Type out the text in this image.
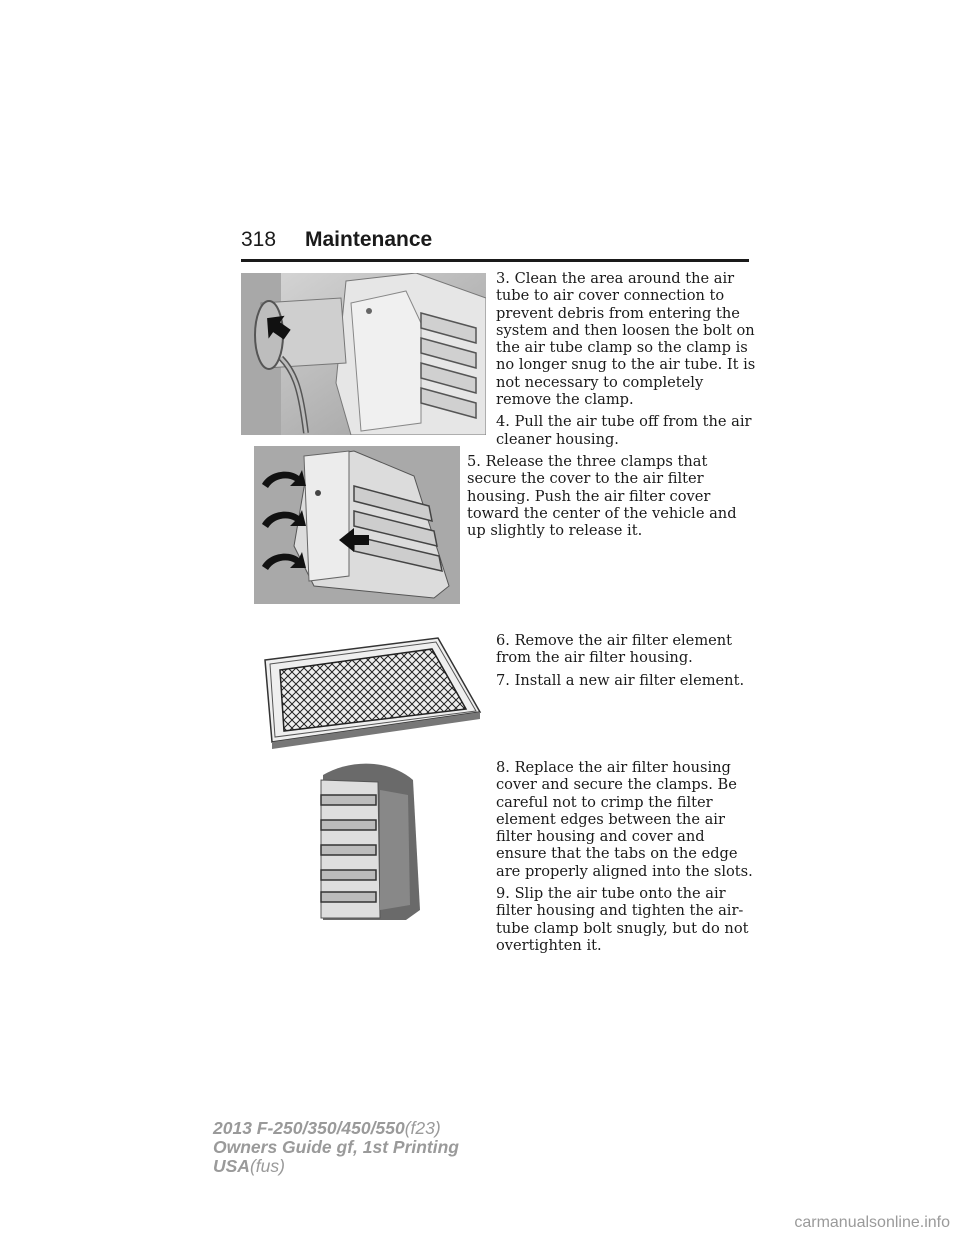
318 Maintenance

3. Clean the area around the air tube to air cover connection to prevent debris from entering the system and then loosen the bolt on the air tube clamp so the clamp is no longer snug to the air tube. It is not necessary to completely remove the clamp.

4. Pull the air tube off from the air cleaner housing.

5. Release the three clamps that secure the cover to the air filter housing. Push the air filter cover toward the center of the vehicle and up slightly to release it.

6. Remove the air filter element from the air filter housing.

7. Install a new air filter element.

8. Replace the air filter housing cover and secure the clamps. Be careful not to crimp the filter element edges between the air filter housing and cover and ensure that the tabs on the edge are properly aligned into the slots.

9. Slip the air tube onto the air filter housing and tighten the air-tube clamp bolt snugly, but do not overtighten it.

2013 F-250/350/450/550(f23)
Owners Guide gf, 1st Printing
USA(fus)
carmanualsonline.info
